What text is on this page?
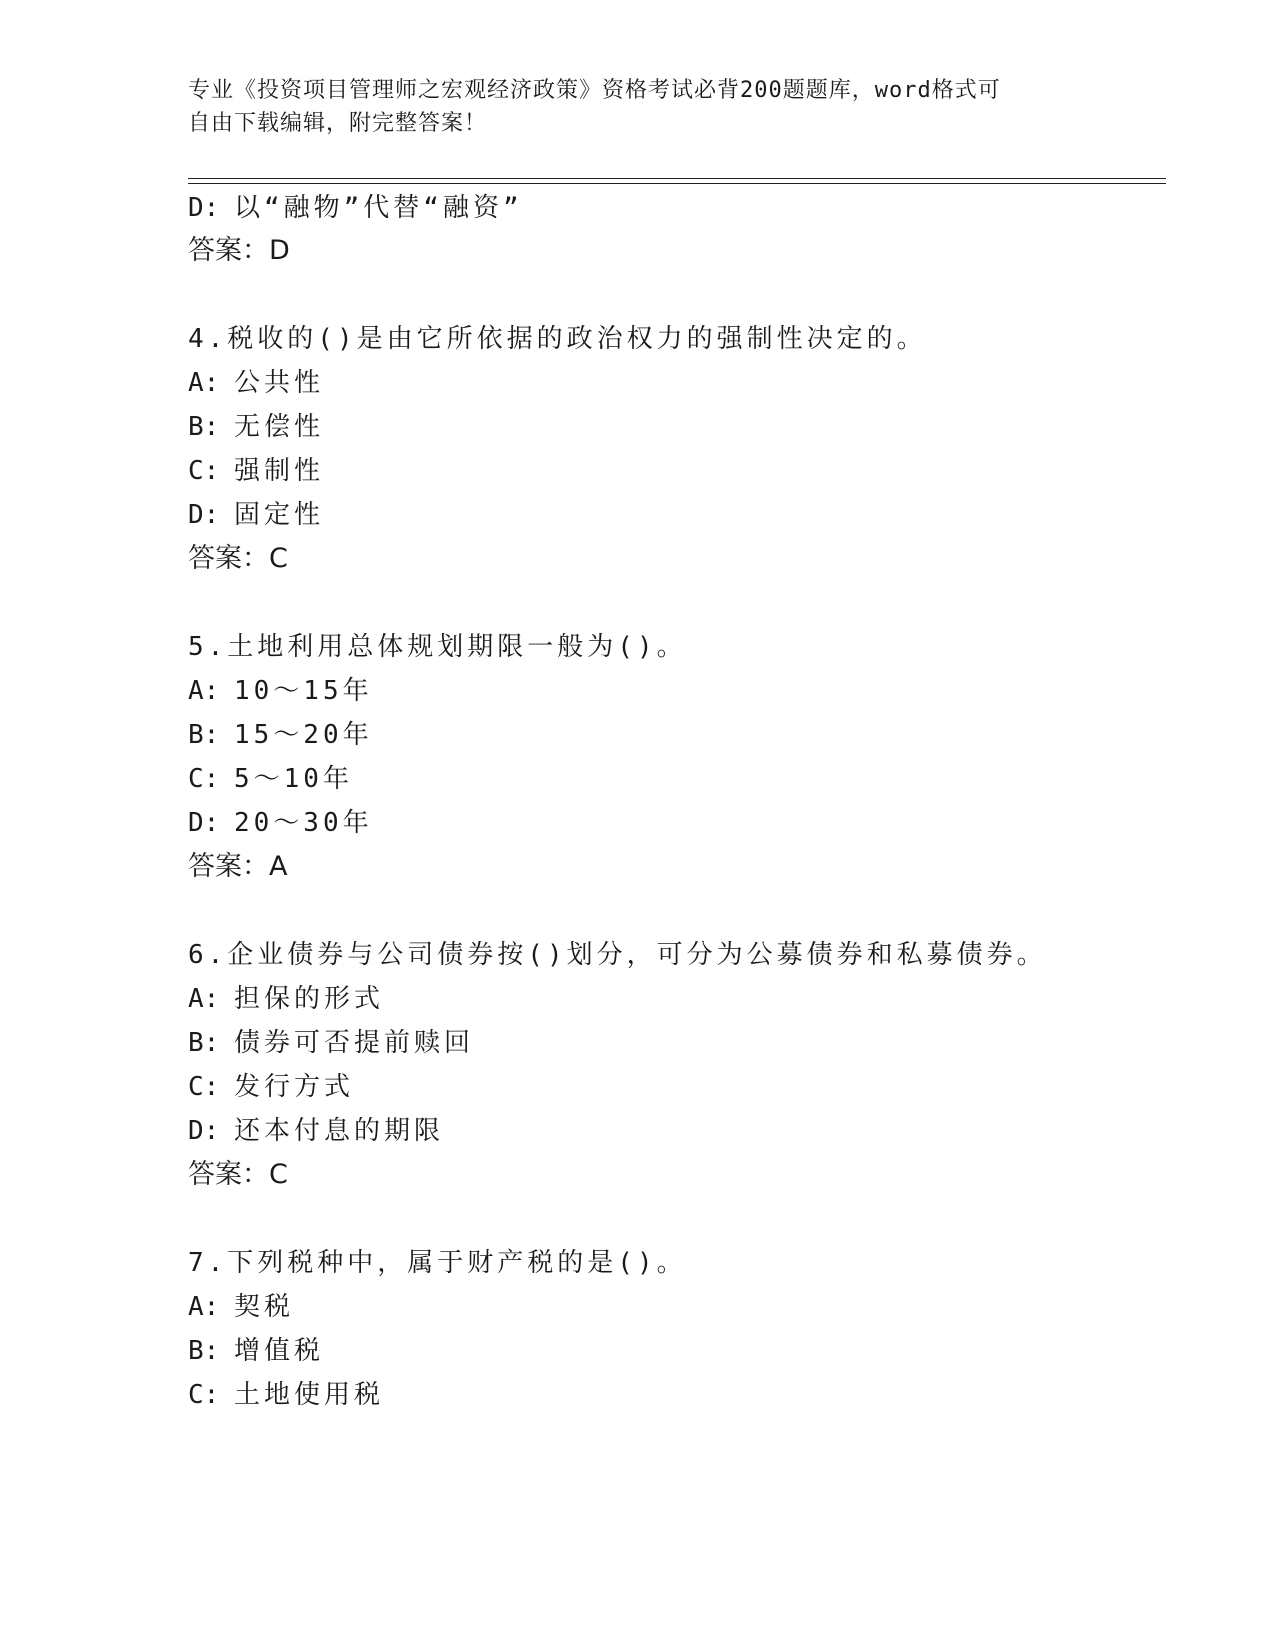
专业《投资项目管理师之宏观经济政策》资格考试必背200题题库，word格式可
自由下载编辑，附完整答案！
D: 以“融物”代替“融资”
答案：D
4.税收的()是由它所依据的政治权力的强制性决定的。
A: 公共性
B: 无偿性
C: 强制性
D: 固定性
答案：C
5.土地利用总体规划期限一般为()。
A: 10～15年
B: 15～20年
C: 5～10年
D: 20～30年
答案：A
6.企业债券与公司债券按()划分，可分为公募债券和私募债券。
A: 担保的形式
B: 债券可否提前赎回
C: 发行方式
D: 还本付息的期限
答案：C
7.下列税种中，属于财产税的是()。
A: 契税
B: 增值税
C: 土地使用税
